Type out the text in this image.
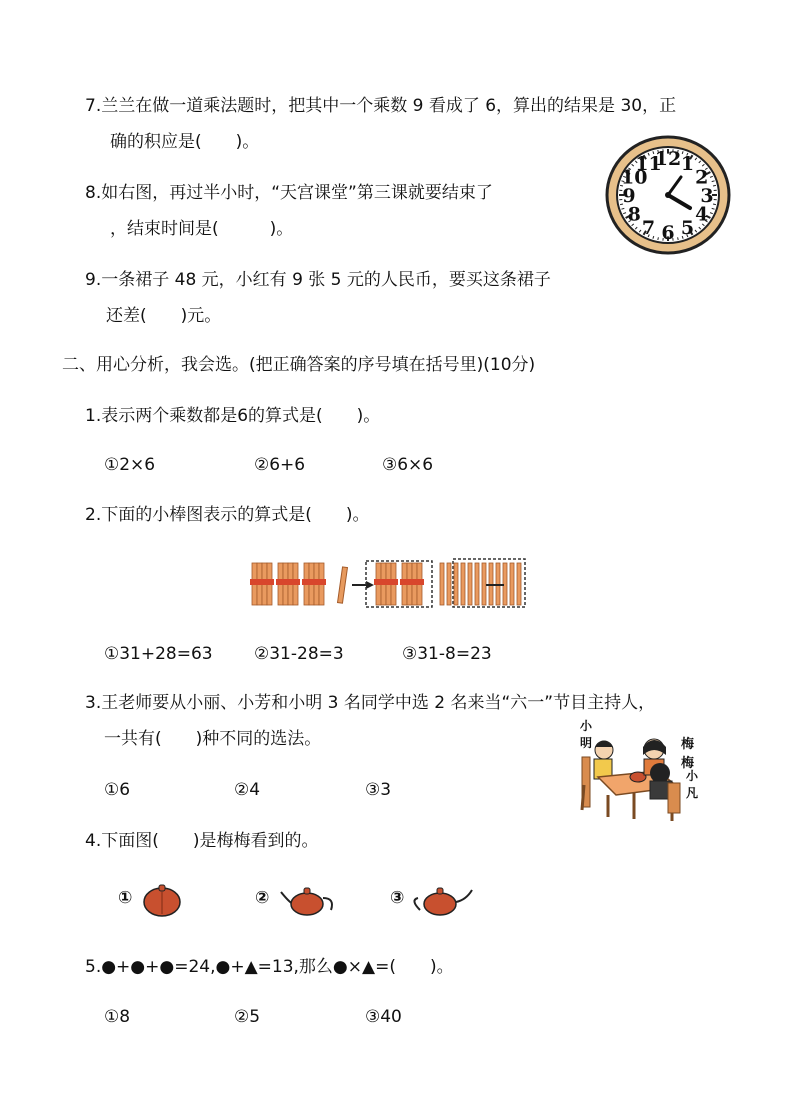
7.兰兰在做一道乘法题时，把其中一个乘数 9 看成了 6，算出的结果是 30，正
确的积应是(　　)。
8.如右图，再过半小时，“天宫课堂”第三课就要结束了
，结束时间是(　　　)。
9.一条裙子 48 元，小红有 9 张 5 元的人民币，要买这条裙子
还差(　　)元。
12 1
2
3
4
5
6
7
8
9
10
11
二、用心分析，我会选。(把正确答案的序号填在括号里)(10分)
1.表示两个乘数都是6的算式是(　　)。
①2×6	②6+6	③6×6
2.下面的小棒图表示的算式是(　　)。
①31+28=63 ②31-28=3	③31-8=23
3.王老师要从小丽、小芳和小明 3 名同学中选 2 名来当“六一”节目主持人，
一共有(　　)种不同的选法。
①6	②4	③3
小明	梅梅
小凡
4.下面图(　　)是梅梅看到的。
①	②	③
5.●+●+●=24,●+▲=13,那么●×▲=(　　)。
①8	②5	③40
